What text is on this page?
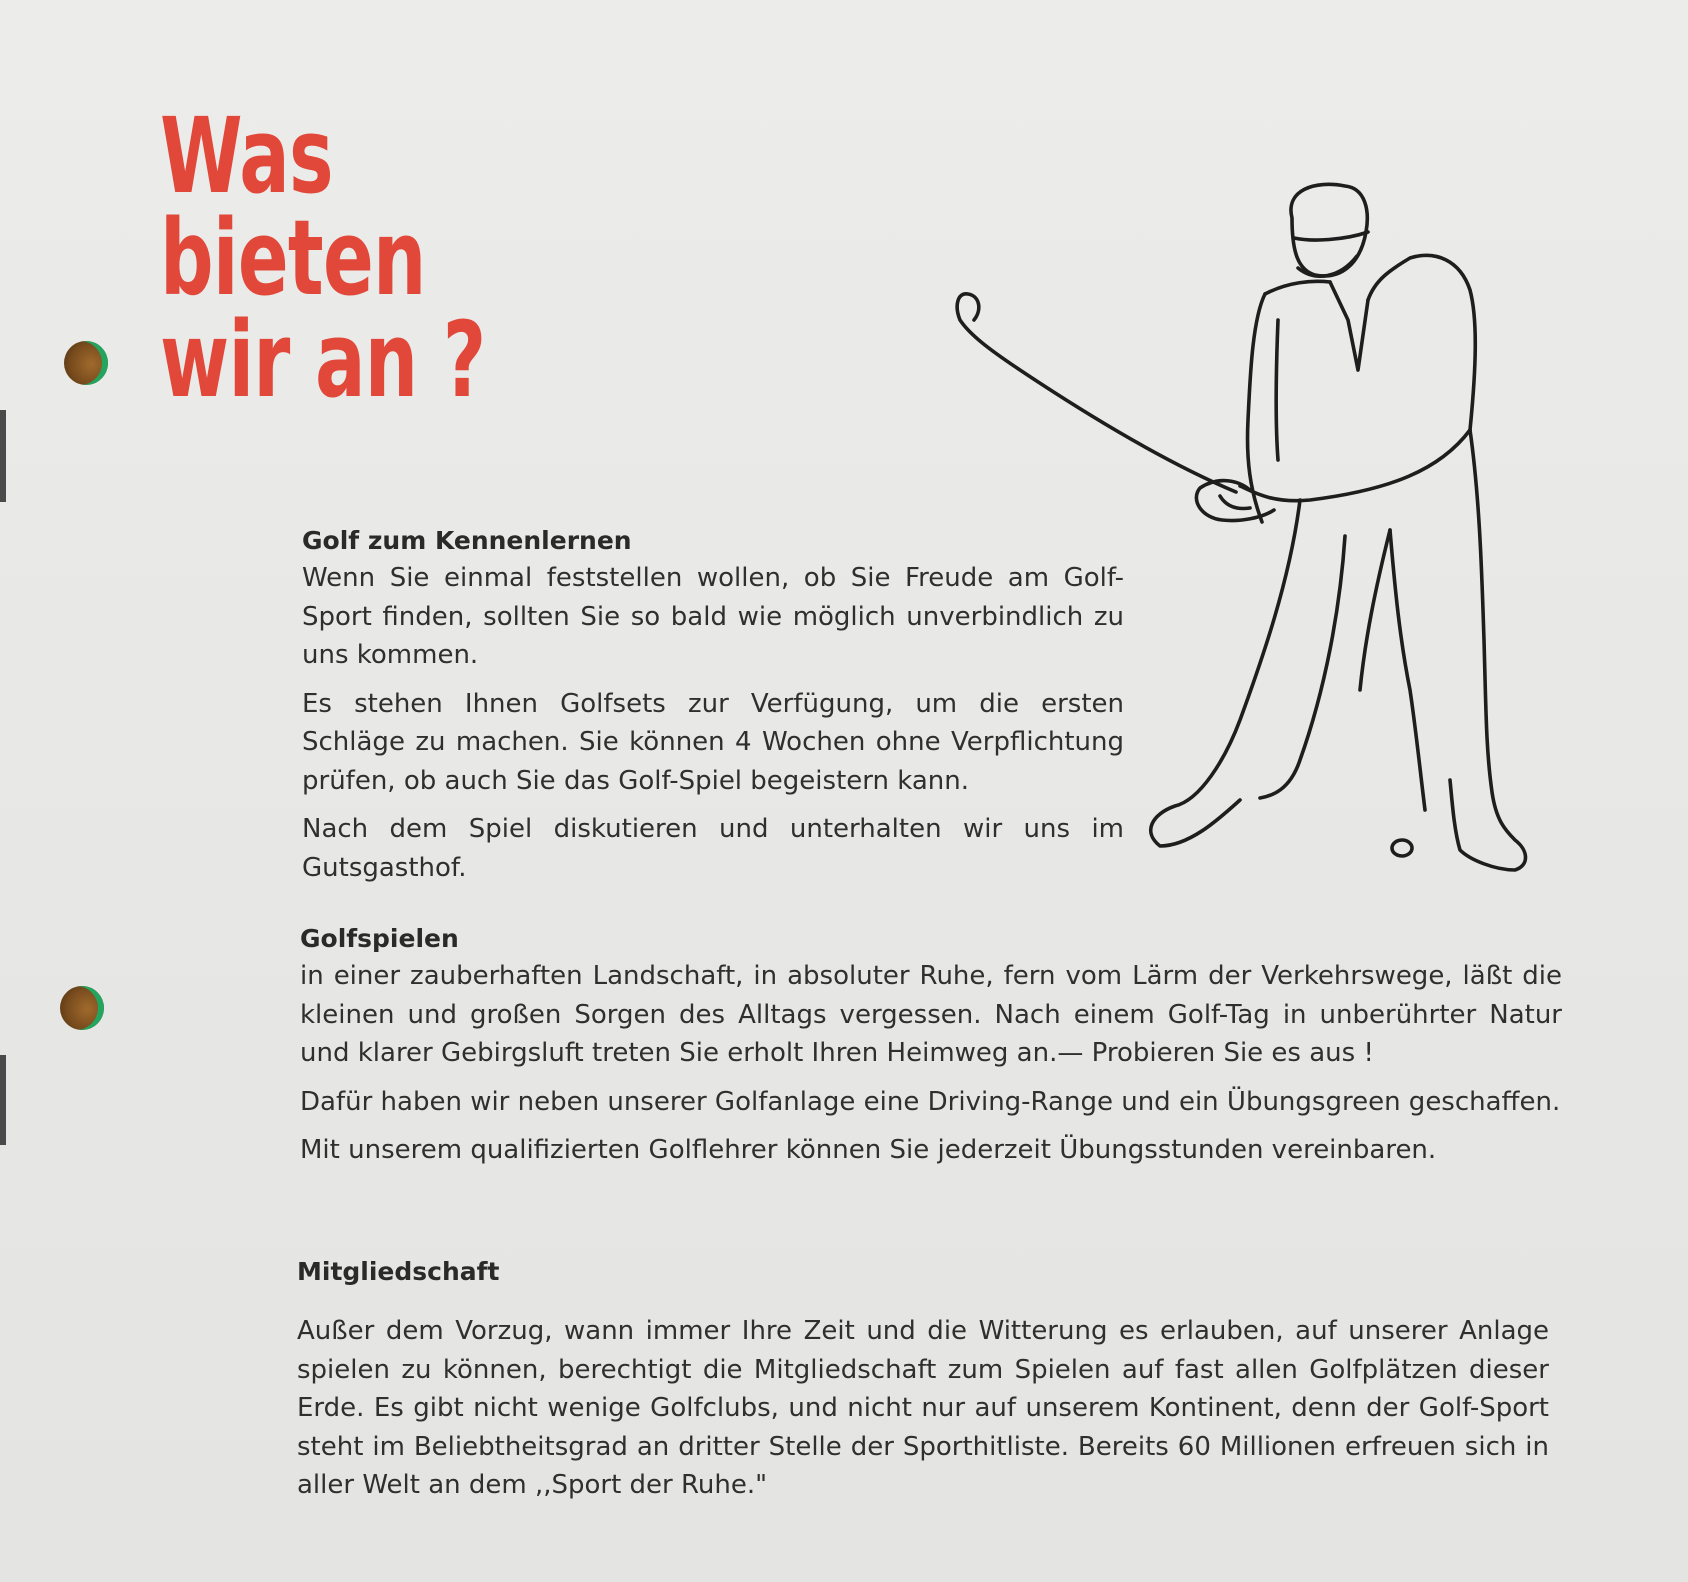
Was
bieten
wir an ?
Golf zum Kennenlernen

Wenn Sie einmal feststellen wollen, ob Sie Freude am Golf-Sport finden, sollten Sie so bald wie möglich unverbindlich zu uns kommen.

Es stehen Ihnen Golfsets zur Verfügung, um die ersten Schläge zu machen. Sie können 4 Wochen ohne Verpflichtung prüfen, ob auch Sie das Golf-Spiel begeistern kann.

Nach dem Spiel diskutieren und unterhalten wir uns im Gutsgasthof.

Golfspielen

in einer zauberhaften Landschaft, in absoluter Ruhe, fern vom Lärm der Verkehrswege, läßt die kleinen und großen Sorgen des Alltags vergessen. Nach einem Golf-Tag in unberührter Natur und klarer Gebirgsluft treten Sie erholt Ihren Heimweg an.— Probieren Sie es aus !

Dafür haben wir neben unserer Golfanlage eine Driving-Range und ein Übungsgreen geschaffen.

Mit unserem qualifizierten Golflehrer können Sie jederzeit Übungsstunden vereinbaren.

Mitgliedschaft

Außer dem Vorzug, wann immer Ihre Zeit und die Witterung es erlauben, auf unserer Anlage spielen zu können, berechtigt die Mitgliedschaft zum Spielen auf fast allen Golfplätzen dieser Erde. Es gibt nicht wenige Golfclubs, und nicht nur auf unserem Kontinent, denn der Golf-Sport steht im Beliebtheitsgrad an dritter Stelle der Sporthitliste. Bereits 60 Millionen erfreuen sich in aller Welt an dem ,,Sport der Ruhe."
